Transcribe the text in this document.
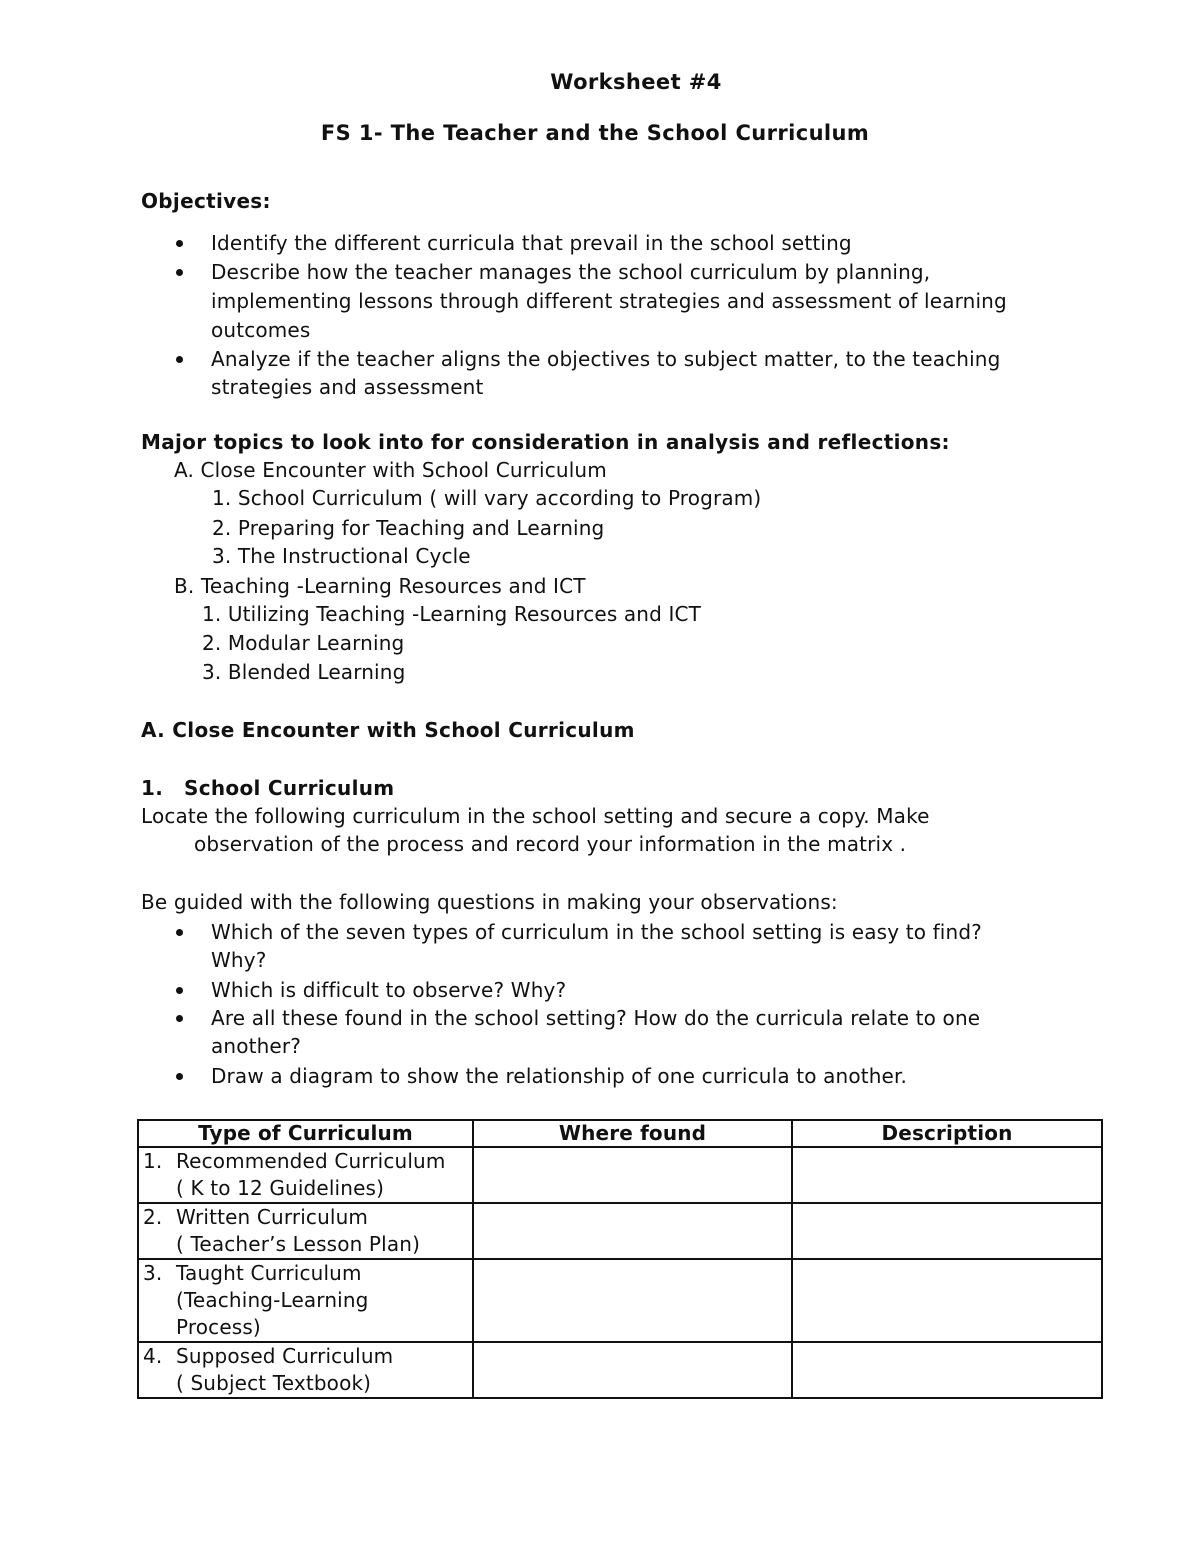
Worksheet #4
FS 1- The Teacher and the School Curriculum
Objectives:
Identify the different curricula that prevail in the school setting
Describe how the teacher manages the school curriculum by planning,
implementing lessons through different strategies and assessment of learning
outcomes
Analyze if the teacher aligns the objectives to subject matter, to the teaching
strategies and assessment
Major topics to look into for consideration in analysis and reflections:
A. Close Encounter with School Curriculum
1. School Curriculum ( will vary according to Program)
2. Preparing for Teaching and Learning
3. The Instructional Cycle
B. Teaching -Learning Resources and ICT
1. Utilizing Teaching -Learning Resources and ICT
2. Modular Learning
3. Blended Learning
A. Close Encounter with School Curriculum
1. School Curriculum
Locate the following curriculum in the school setting and secure a copy. Make
observation of the process and record your information in the matrix .
Be guided with the following questions in making your observations:
Which of the seven types of curriculum in the school setting is easy to find?
Why?
Which is difficult to observe? Why?
Are all these found in the school setting? How do the curricula relate to one
another?
Draw a diagram to show the relationship of one curricula to another.
Type of Curriculum	Where found	Description

1. Recommended Curriculum
( K to 12 Guidelines)		

2. Written Curriculum
( Teacher’s Lesson Plan)		

3. Taught Curriculum
(Teaching-Learning
Process)		

4. Supposed Curriculum
( Subject Textbook)		
